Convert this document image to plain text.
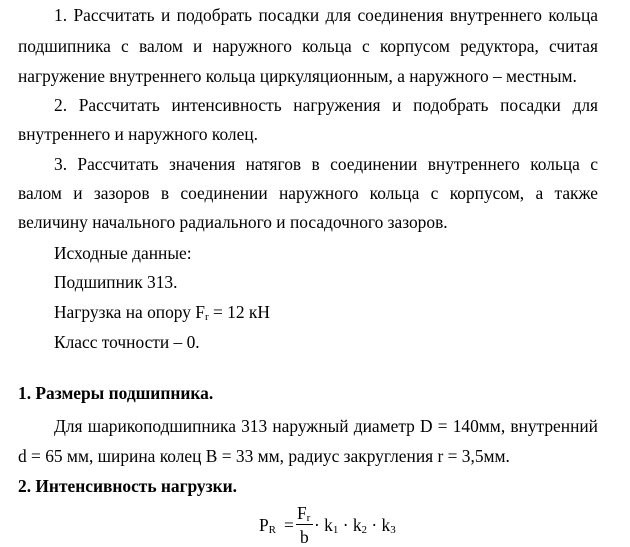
1. Рассчитать и подобрать посадки для соединения внутреннего кольца
подшипника с валом и наружного кольца с корпусом редуктора, считая
нагружение внутреннего кольца циркуляционным, а наружного – местным.
2. Рассчитать интенсивность нагружения и подобрать посадки для
внутреннего и наружного колец.
3. Рассчитать значения натягов в соединении внутреннего кольца с
валом и зазоров в соединении наружного кольца с корпусом, а также
величину начального радиального и посадочного зазоров.
Исходные данные:
Подшипник 313.
Нагрузка на опору $F_r = 12$ кН
Класс точности – 0.
1. Размеры подшипника.
Для шарикоподшипника 313 наружный диаметр D = 140мм, внутренний
d = 65 мм, ширина колец B = 33 мм, радиус закругления r = 3,5мм.
2. Интенсивность нагрузки.
$P_R$ =
$F_r$
b
· $k_1 \cdot k_2 \cdot k_3$
